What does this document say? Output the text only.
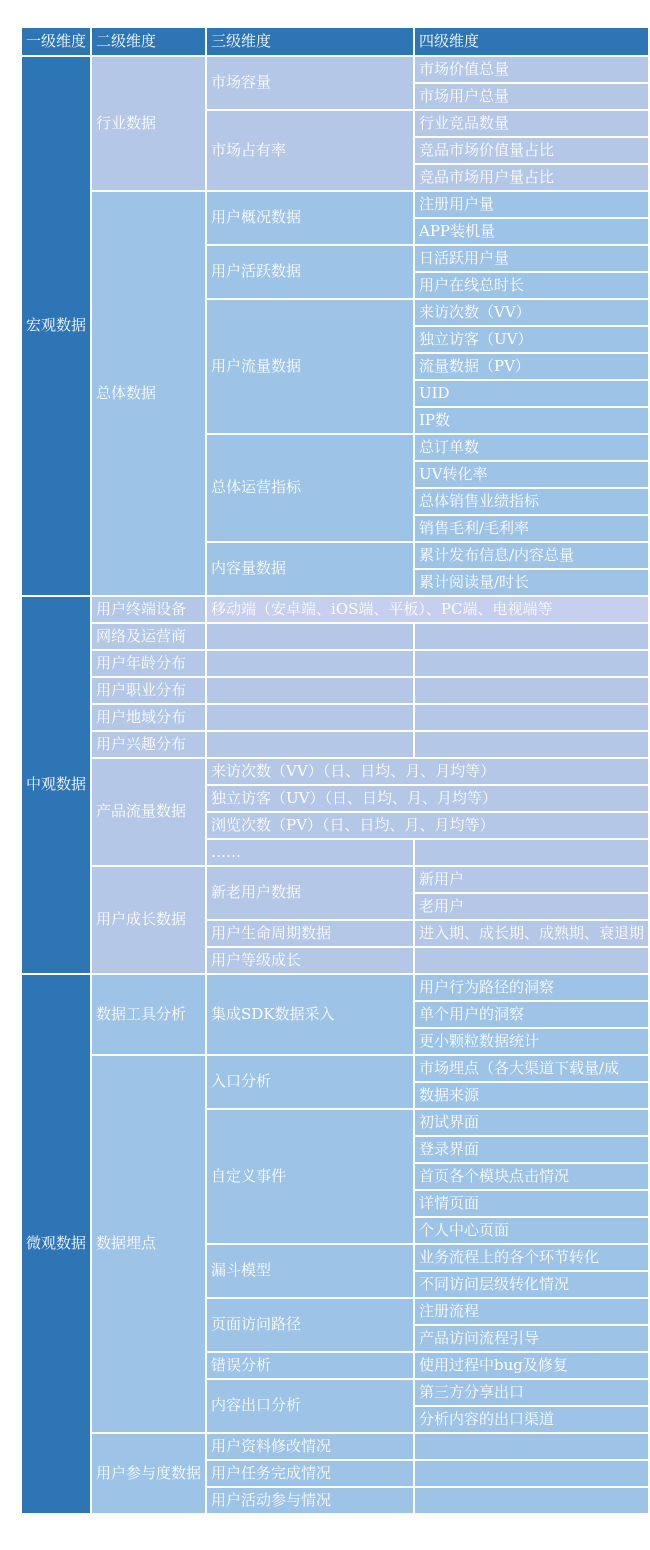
一级维度	二级维度	三级维度	四级维度
宏观数据	行业数据	市场容量	市场价值总量
			市场用户总量
		市场占有率	行业竞品数量
			竞品市场价值量占比
			竞品市场用户量占比
	总体数据	用户概况数据	注册用户量
			APP装机量
		用户活跃数据	日活跃用户量
			用户在线总时长
		用户流量数据	来访次数（VV）
			独立访客（UV）
			流量数据（PV）
			UID
			IP数
		总体运营指标	总订单数
			UV转化率
			总体销售业绩指标
			销售毛利/毛利率
		内容量数据	累计发布信息/内容总量
			累计阅读量/时长
中观数据	用户终端设备	移动端（安卓端、iOS端、平板）、PC端、电视端等	
	网络及运营商		
	用户年龄分布		
	用户职业分布		
	用户地域分布		
	用户兴趣分布		
	产品流量数据	来访次数（VV）（日、日均、月、月均等）	
		独立访客（UV）（日、日均、月、月均等）	
		浏览次数（PV）（日、日均、月、月均等）	
		……	
	用户成长数据	新老用户数据	新用户
			老用户
		用户生命周期数据	进入期、成长期、成熟期、衰退期
		用户等级成长	
微观数据	数据工具分析	集成SDK数据采入	用户行为路径的洞察
			单个用户的洞察
			更小颗粒数据统计
	数据埋点	入口分析	市场埋点（各大渠道下载量/成
			数据来源
		自定义事件	初试界面
			登录界面
			首页各个模块点击情况
			详情页面
			个人中心页面
		漏斗模型	业务流程上的各个环节转化
			不同访问层级转化情况
		页面访问路径	注册流程
			产品访问流程引导
		错误分析	使用过程中bug及修复
		内容出口分析	第三方分享出口
			分析内容的出口渠道
	用户参与度数据	用户资料修改情况	
		用户任务完成情况	
		用户活动参与情况	
